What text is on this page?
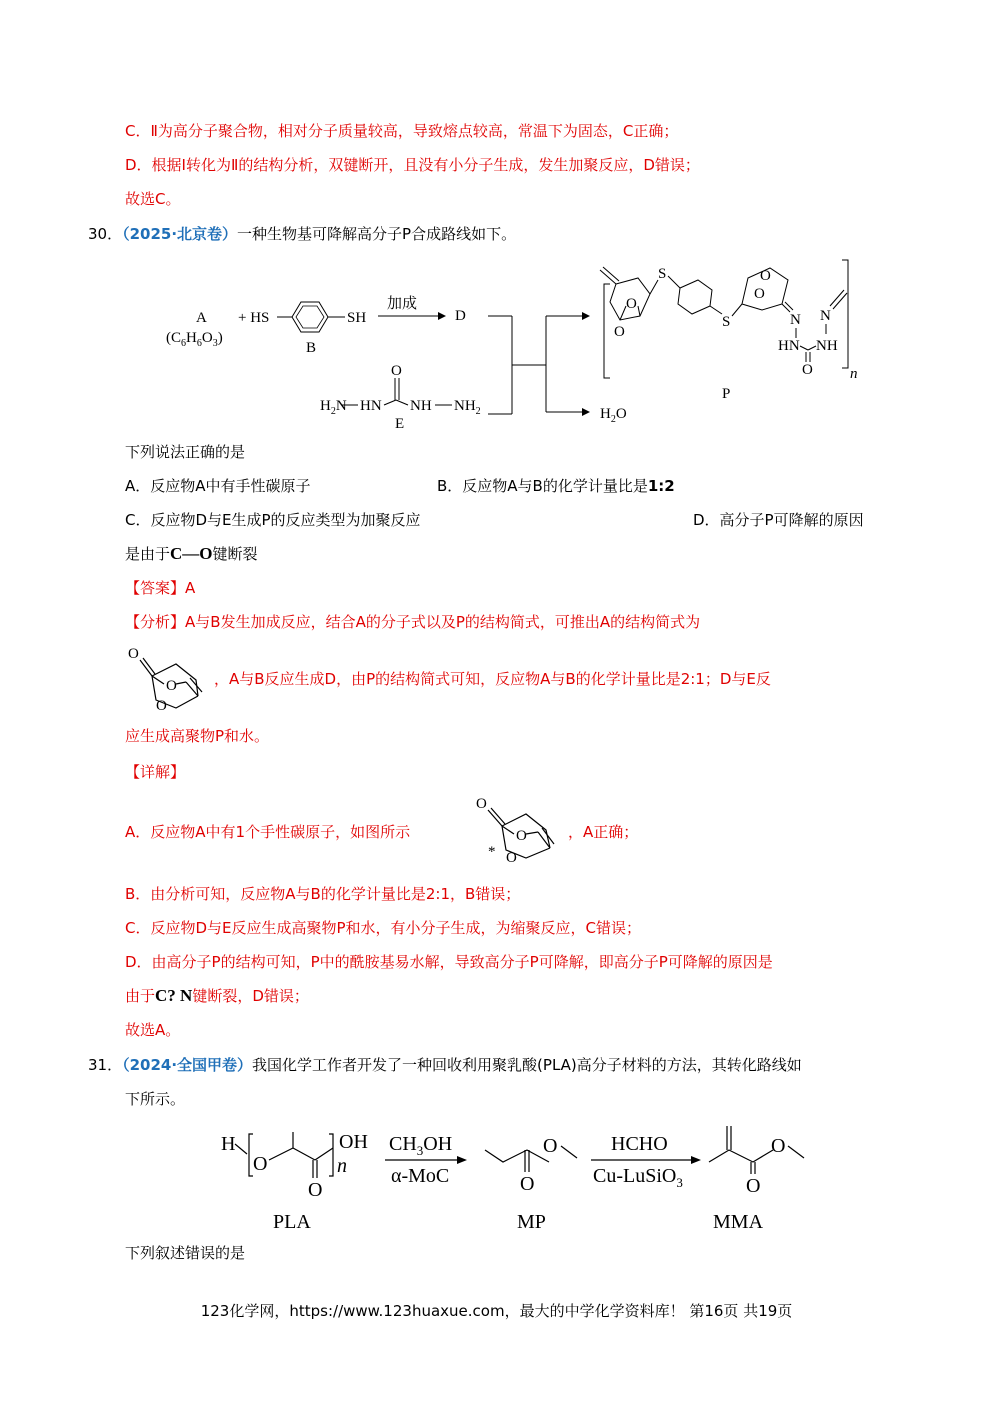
C．Ⅱ为高分子聚合物，相对分子质量较高，导致熔点较高，常温下为固态，C正确；
D．根据Ⅰ转化为Ⅱ的结构分析，双键断开，且没有小分子生成，发生加聚反应，D错误；
故选C。
30．（2025·北京卷）一种生物基可降解高分子P合成路线如下。
A
$(C_6H_6O_3)$
+ HS	SH
B
加成
D
$H_2N$ HN
O
NH $NH_2$
E
$H_2O$
n
P
O
O
S
S
O
O
N
HN
O
NH
N
下列说法正确的是
A．反应物A中有手性碳原子	B．反应物A与B的化学计量比是1:2
C．反应物D与E生成P的反应类型为加聚反应	D．高分子P可降解的原因
是由于C—O键断裂
【答案】A
【分析】A与B发生加成反应，结合A的分子式以及P的结构简式，可推出A的结构简式为
O
O
O
，A与B反应生成D，由P的结构简式可知，反应物A与B的化学计量比是2:1；D与E反
应生成高聚物P和水。
【详解】
A．反应物A中有1个手性碳原子，如图所示
O
O
O
*
，A正确；
B．由分析可知，反应物A与B的化学计量比是2:1，B错误；
C．反应物D与E反应生成高聚物P和水，有小分子生成，为缩聚反应，C错误；
D．由高分子P的结构可知，P中的酰胺基易水解，导致高分子P可降解，即高分子P可降解的原因是
由于C? N键断裂，D错误；
故选A。
31．（2024·全国甲卷）我国化学工作者开发了一种回收利用聚乳酸(PLA)高分子材料的方法，其转化路线如
下所示。
H
O
O
n
OH
PLA
$CH_3OH$
α-MoC	O
O
MP
HCHO
Cu-LuSiO$_3$	O
O
MMA
下列叙述错误的是
123化学网，https://www.123huaxue.com，最大的中学化学资料库！ 第16页 共19页
